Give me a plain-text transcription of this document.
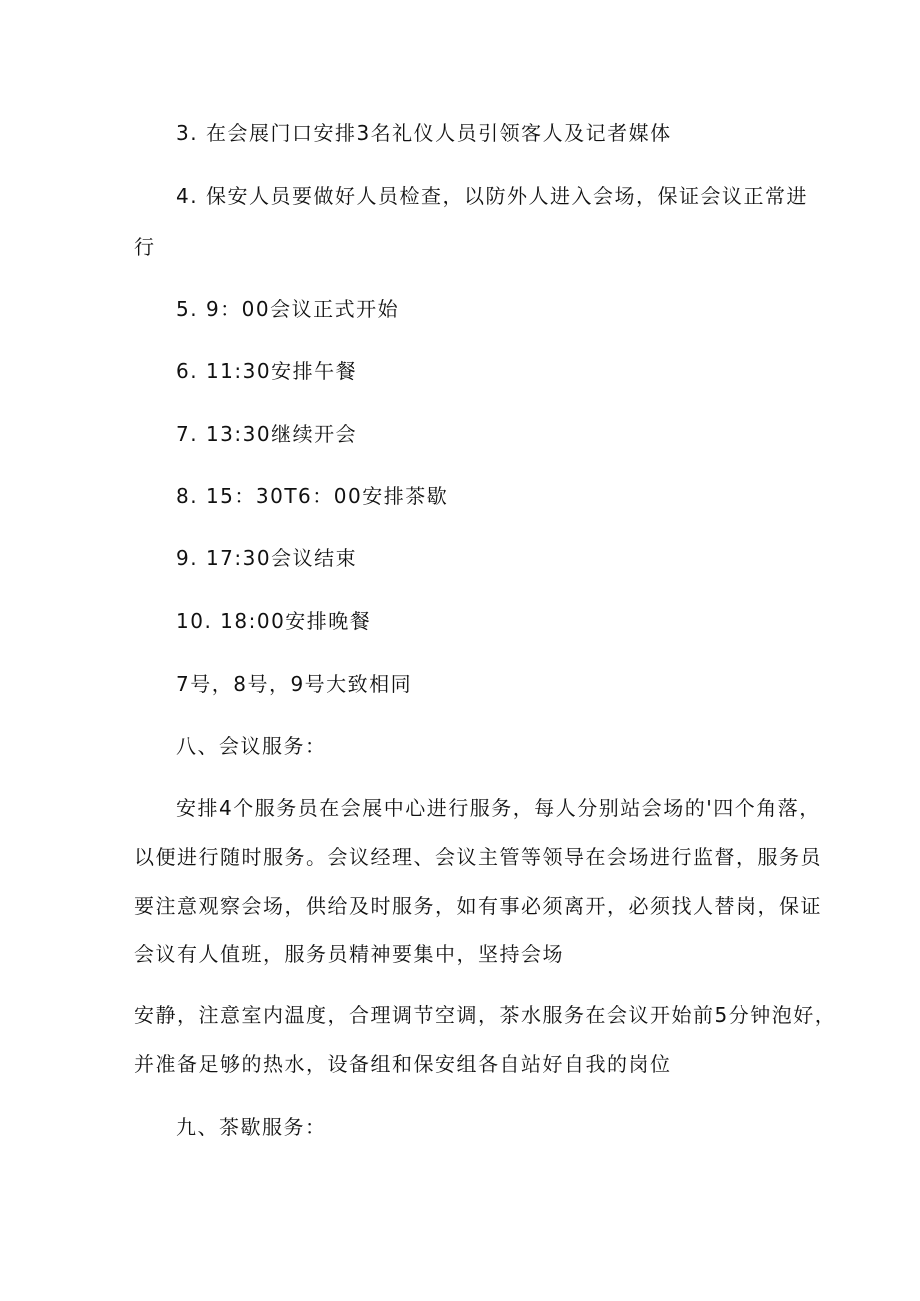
3. 在会展门口安排3名礼仪人员引领客人及记者媒体
4. 保安人员要做好人员检查，以防外人进入会场，保证会议正常进
行
5. 9：00会议正式开始
6. 11:30安排午餐
7. 13:30继续开会
8. 15：30T6：00安排茶歇
9. 17:30会议结束
10. 18:00安排晚餐
7号，8号，9号大致相同
八、会议服务：
安排4个服务员在会展中心进行服务，每人分别站会场的'四个角落，
以便进行随时服务。会议经理、会议主管等领导在会场进行监督，服务员
要注意观察会场，供给及时服务，如有事必须离开，必须找人替岗，保证
会议有人值班，服务员精神要集中，坚持会场
安静，注意室内温度，合理调节空调，茶水服务在会议开始前5分钟泡好，
并准备足够的热水，设备组和保安组各自站好自我的岗位
九、茶歇服务：
